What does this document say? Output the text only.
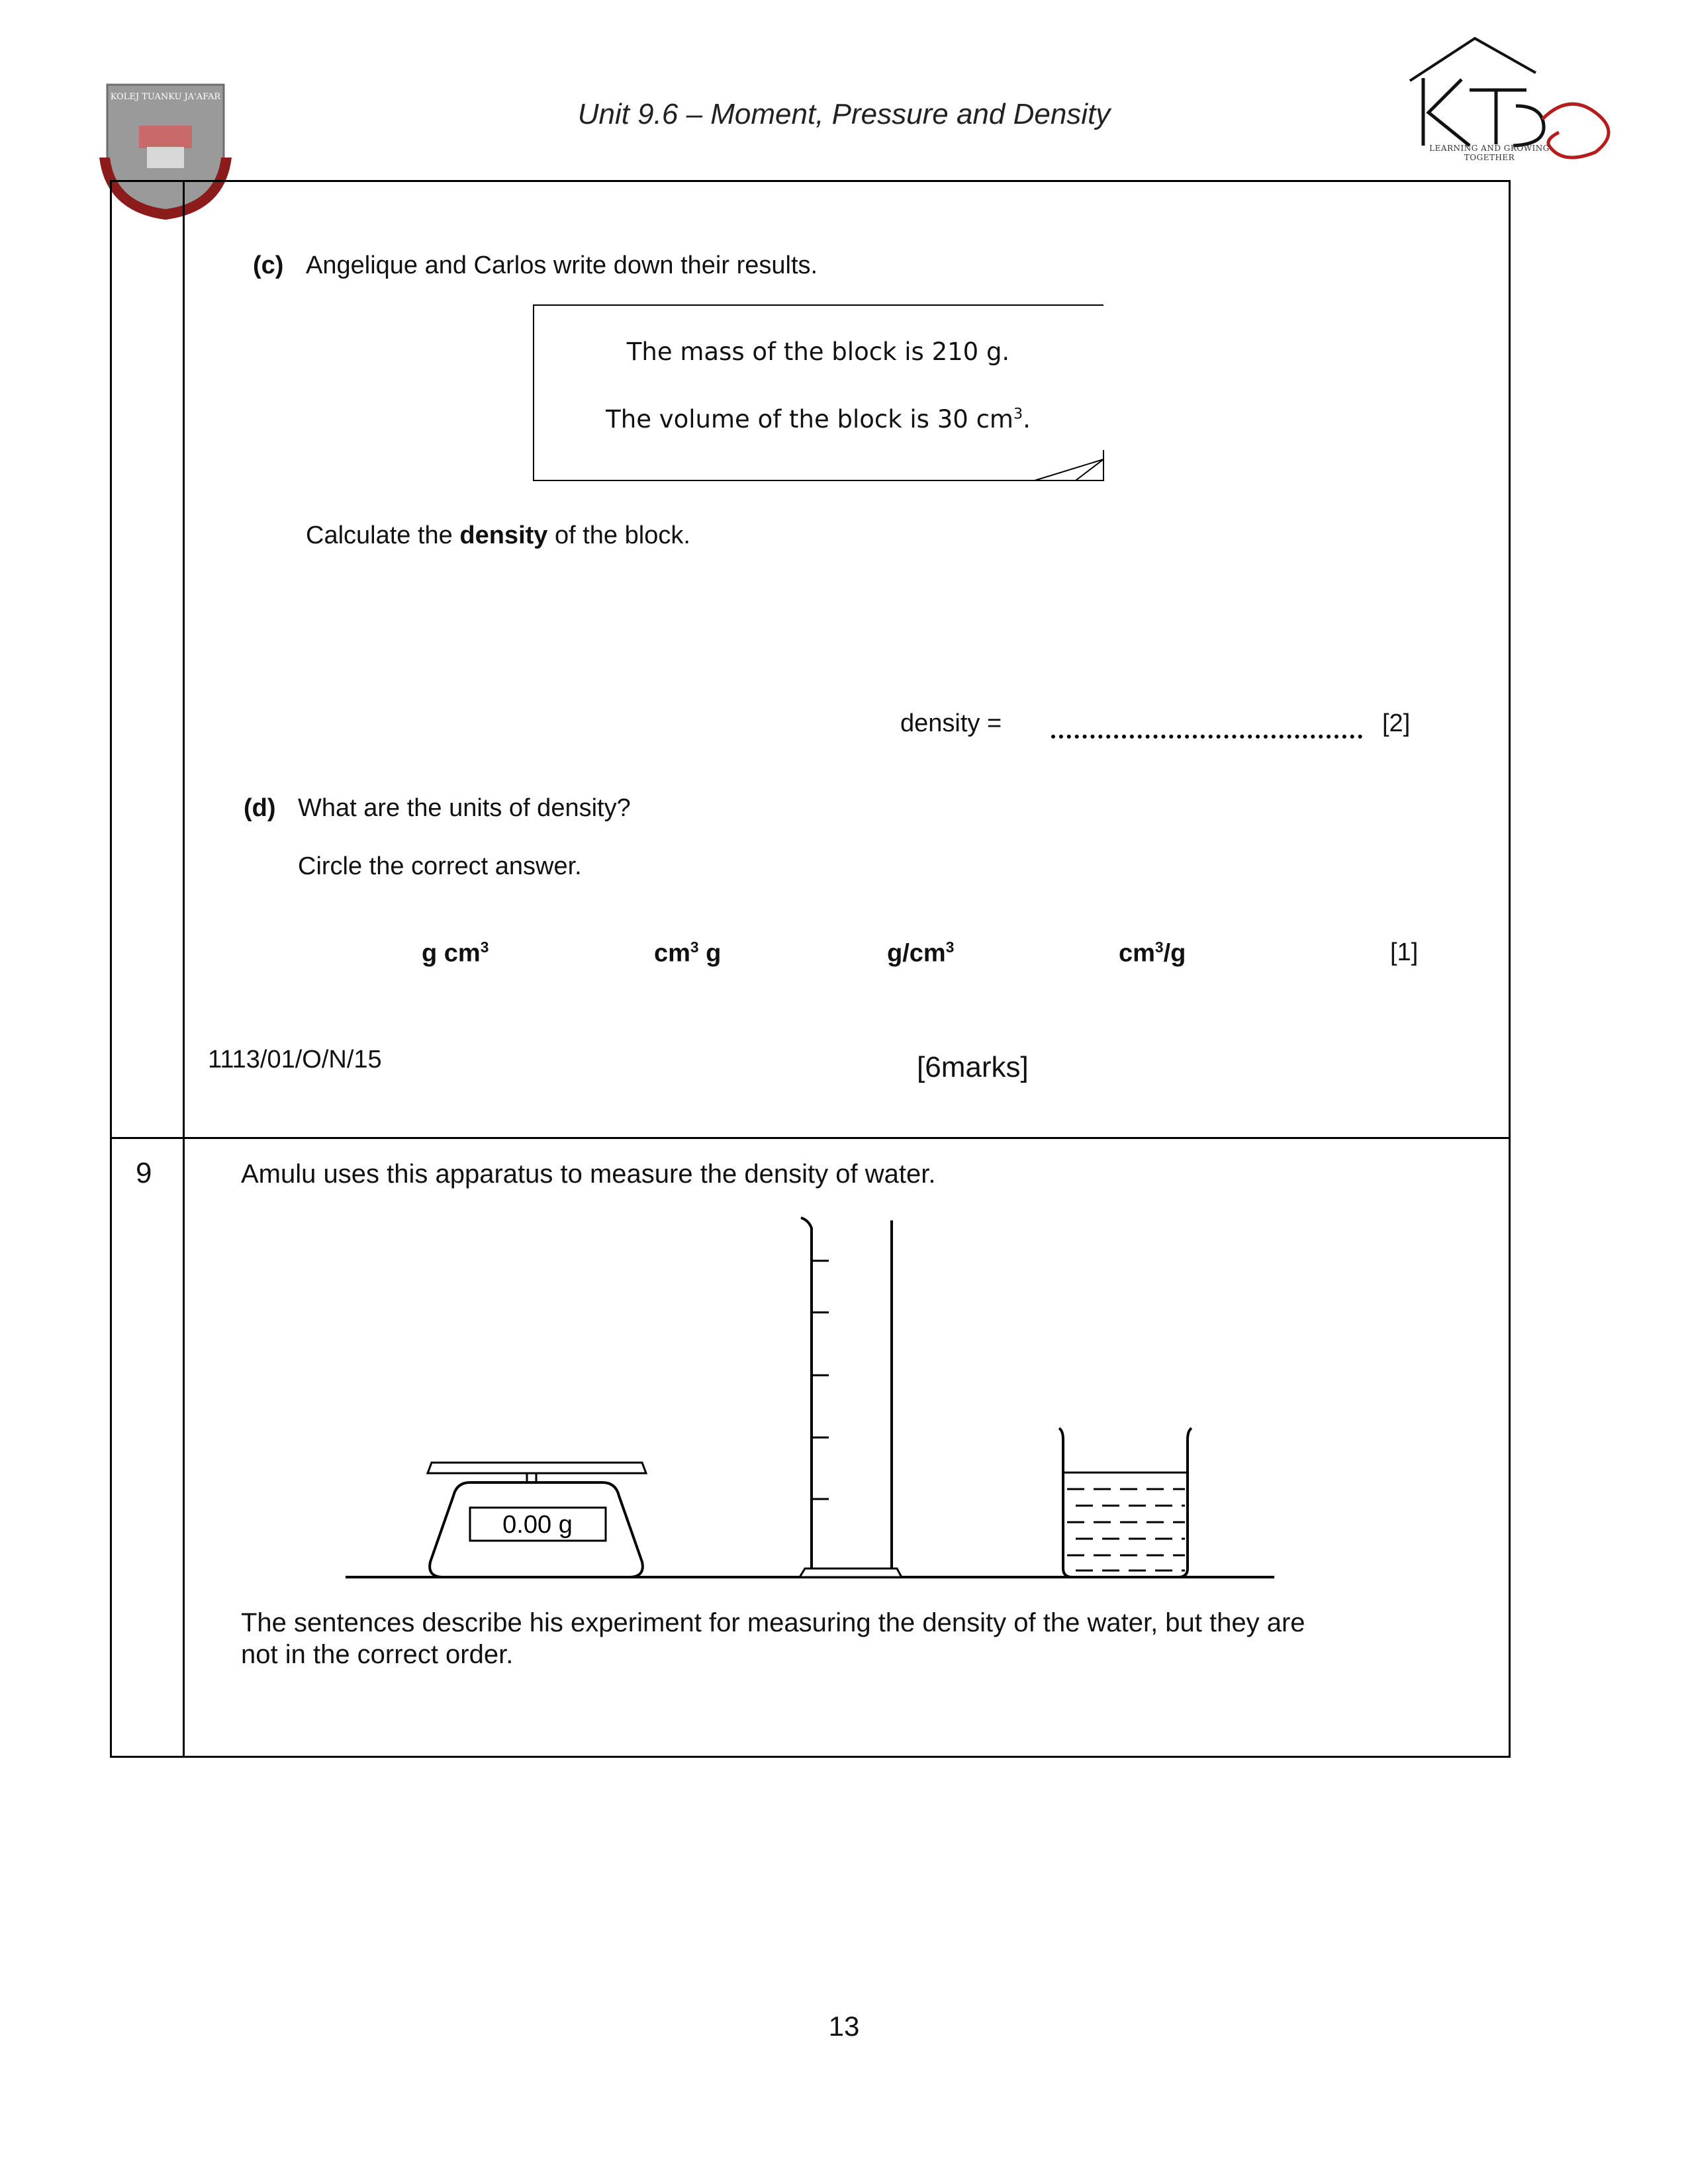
Unit 9.6 – Moment, Pressure and Density
KOLEJ TUANKU JA'AFAR
KTJ
LEARNING AND GROWING
TOGETHER
(c) Angelique and Carlos write down their results.
The mass of the block is 210 g.
The volume of the block is 30 $cm^3$.
Calculate the density of the block.
density =	[2]
(d) What are the units of density?
Circle the correct answer.
g $cm^3$	$cm^3$ g	$g/cm^3$	$cm^3/g$	[1]
1113/01/O/N/15	[6marks]
9	Amulu uses this apparatus to measure the density of water.
0.00 g
The sentences describe his experiment for measuring the density of the water, but they are
not in the correct order.
13
